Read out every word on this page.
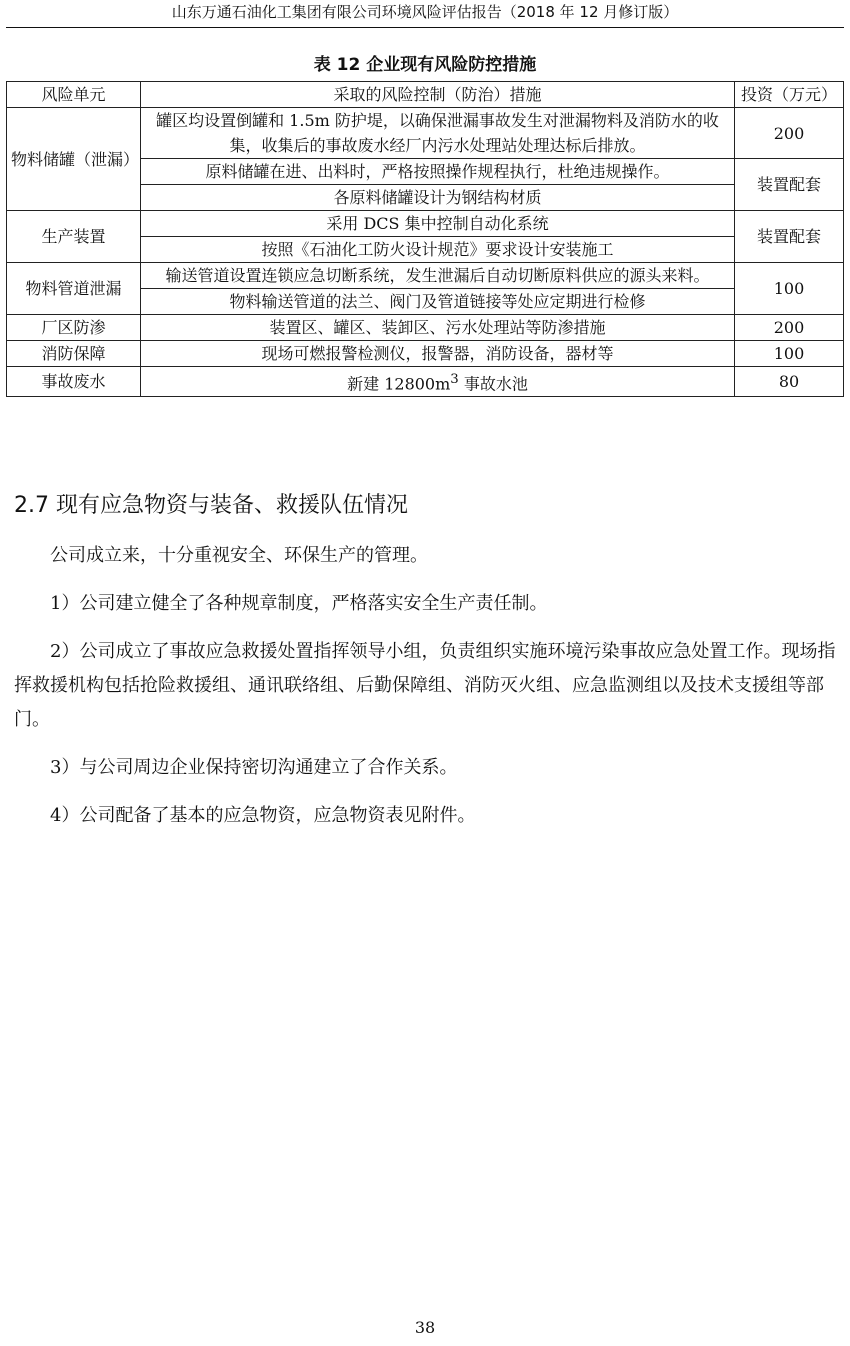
山东万通石油化工集团有限公司环境风险评估报告（2018 年 12 月修订版）
表 12 企业现有风险防控措施
风险单元	采取的风险控制（防治）措施	投资（万元）
物料储罐（泄漏）	罐区均设置倒罐和 1.5m 防护堤，以确保泄漏事故发生对泄漏物料及消防水的收集，收集后的事故废水经厂内污水处理站处理达标后排放。	200
	原料储罐在进、出料时，严格按照操作规程执行，杜绝违规操作。	装置配套
	各原料储罐设计为钢结构材质	
生产装置	采用 DCS 集中控制自动化系统	装置配套
	按照《石油化工防火设计规范》要求设计安装施工	
物料管道泄漏	输送管道设置连锁应急切断系统，发生泄漏后自动切断原料供应的源头来料。	100
	物料输送管道的法兰、阀门及管道链接等处应定期进行检修	
厂区防渗	装置区、罐区、装卸区、污水处理站等防渗措施	200
消防保障	现场可燃报警检测仪，报警器，消防设备，器材等	100
事故废水	新建 $12800m^3$ 事故水池	80
2.7 现有应急物资与装备、救援队伍情况

公司成立来，十分重视安全、环保生产的管理。

1）公司建立健全了各种规章制度，严格落实安全生产责任制。

2）公司成立了事故应急救援处置指挥领导小组，负责组织实施环境污染事故应急处置工作。现场指挥救援机构包括抢险救援组、通讯联络组、后勤保障组、消防灭火组、应急监测组以及技术支援组等部门。

3）与公司周边企业保持密切沟通建立了合作关系。

4）公司配备了基本的应急物资，应急物资表见附件。

38
